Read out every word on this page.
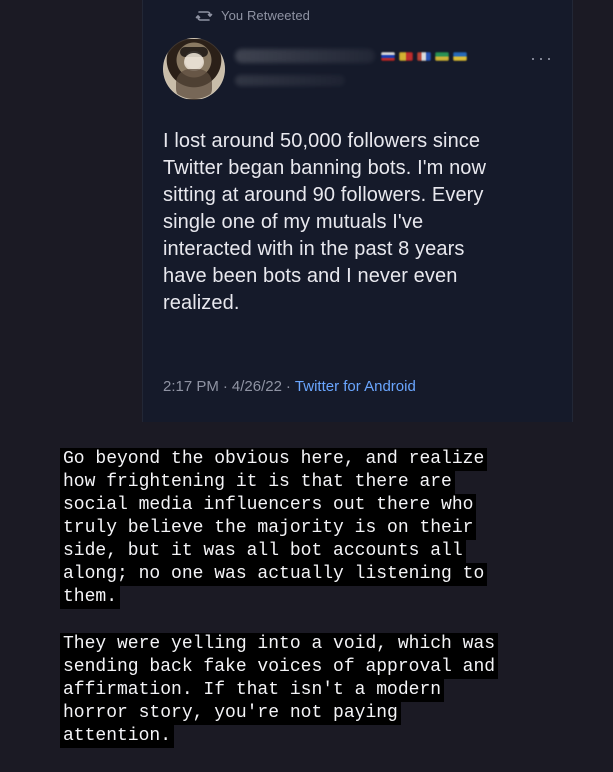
You Retweeted
···
I lost around 50,000 followers since
Twitter began banning bots. I'm now
sitting at around 90 followers. Every
single one of my mutuals I've
interacted with in the past 8 years
have been bots and I never even
realized.
2:17 PM · 4/26/22 · Twitter for Android
Go beyond the obvious here, and realize
how frightening it is that there are
social media influencers out there who
truly believe the majority is on their
side, but it was all bot accounts all
along; no one was actually listening to
them.
They were yelling into a void, which was
sending back fake voices of approval and
affirmation. If that isn't a modern
horror story, you're not paying
attention.
